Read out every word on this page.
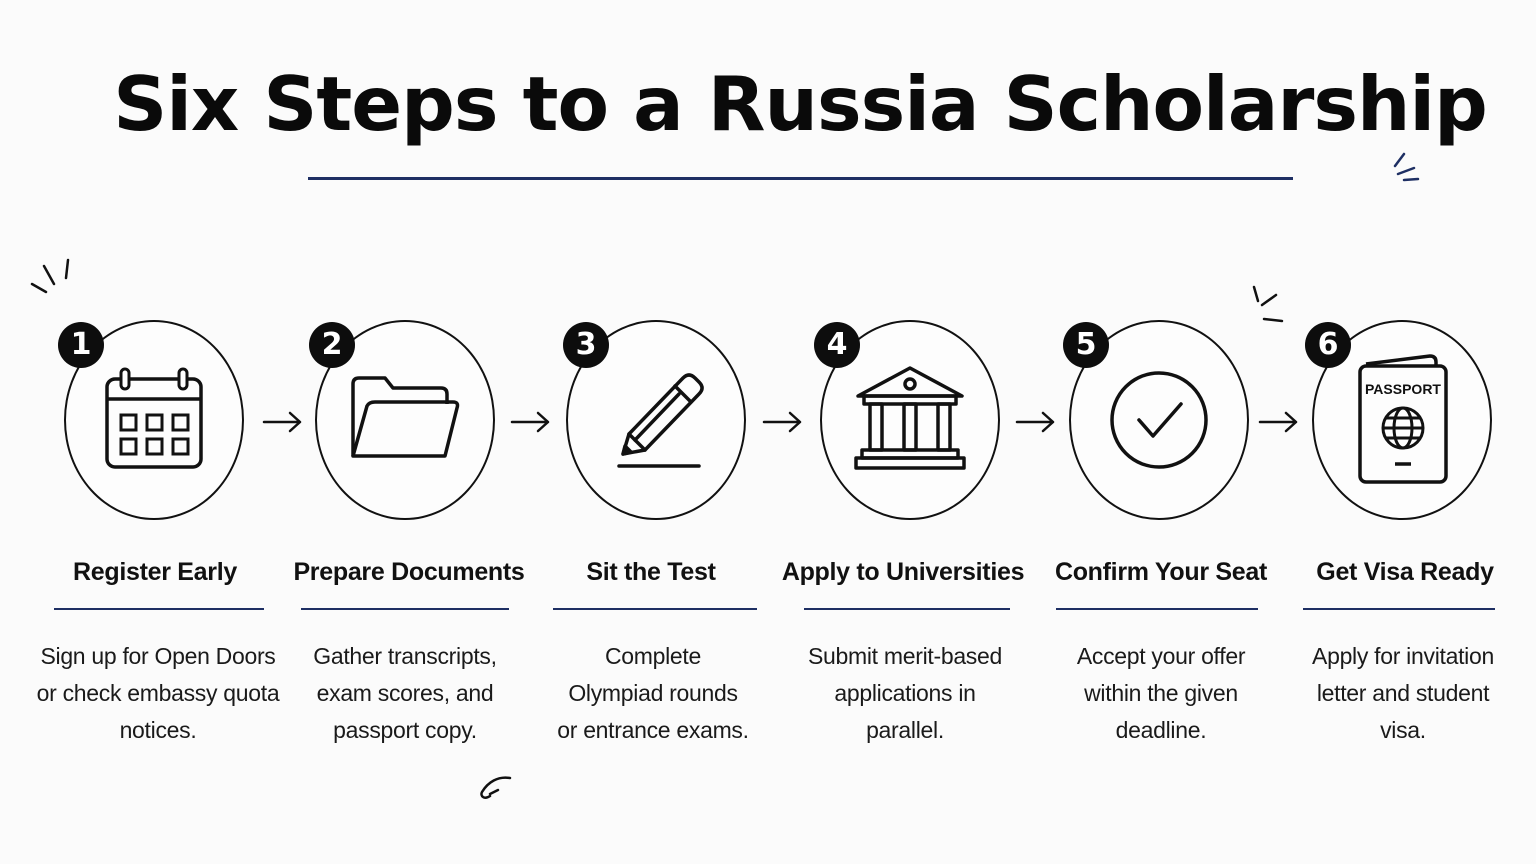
Six Steps to a Russia Scholarship
1
Register Early
Sign up for Open Doors or check embassy quota notices.
2
Prepare Documents
Gather transcripts, exam scores, and passport copy.
3
Sit the Test
Complete Olympiad rounds or entrance exams.
4
Apply to Universities
Submit merit-based applications in parallel.
5
Confirm Your Seat
Accept your offer within the given deadline.
PASSPORT
6
Get Visa Ready
Apply for invitation letter and student visa.
